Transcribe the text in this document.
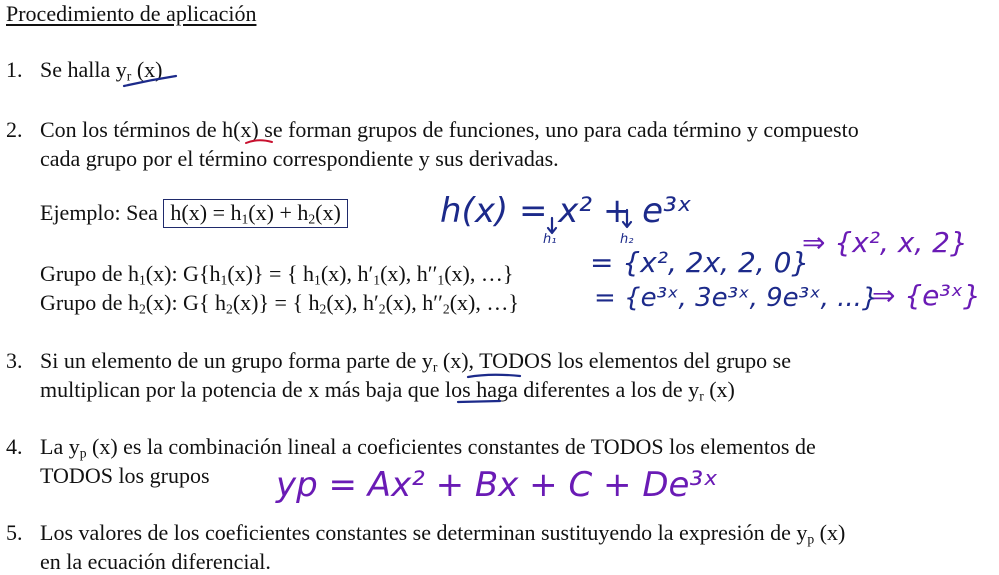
Procedimiento de aplicación
1. Se halla $y_r$ (x)
2. Con los términos de h(x) se forman grupos de funciones, uno para cada término y compuesto
cada grupo por el término correspondiente y sus derivadas.
Ejemplo: Sea $h(x) = h_1(x) + h_2(x)$
Grupo de $h_1(x)$: $G\{h_1(x)\}$ = { $h_1(x)$, $h'_1(x)$, $h''_1(x)$, …}
Grupo de $h_2(x)$: G{ $h_2(x)$} = { $h_2(x)$, $h'_2(x)$, $h''_2(x)$, …}
3. Si un elemento de un grupo forma parte de $y_r$ (x), TODOS los elementos del grupo se
multiplican por la potencia de x más baja que los haga diferentes a los de $y_r$ (x)
4. La $y_p$ (x) es la combinación lineal a coeficientes constantes de TODOS los elementos de
TODOS los grupos
5. Los valores de los coeficientes constantes se determinan sustituyendo la expresión de $y_p$ (x)
en la ecuación diferencial.
h(x) = x² + e³ˣ
h₁	h₂
= {x², 2x, 2, 0}
⇒ {x², x, 2}
= {e³ˣ, 3e³ˣ, 9e³ˣ, ...}
⇒ {e³ˣ}
yp = Ax² + Bx + C + De³ˣ
